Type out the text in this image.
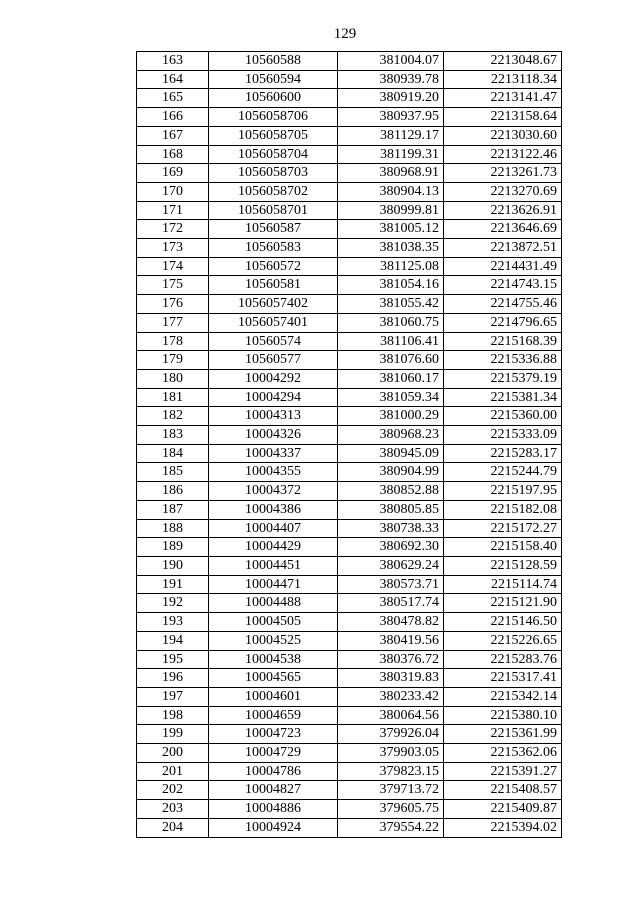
129
163	10560588	381004.07	2213048.67
164	10560594	380939.78	2213118.34
165	10560600	380919.20	2213141.47
166	1056058706	380937.95	2213158.64
167	1056058705	381129.17	2213030.60
168	1056058704	381199.31	2213122.46
169	1056058703	380968.91	2213261.73
170	1056058702	380904.13	2213270.69
171	1056058701	380999.81	2213626.91
172	10560587	381005.12	2213646.69
173	10560583	381038.35	2213872.51
174	10560572	381125.08	2214431.49
175	10560581	381054.16	2214743.15
176	1056057402	381055.42	2214755.46
177	1056057401	381060.75	2214796.65
178	10560574	381106.41	2215168.39
179	10560577	381076.60	2215336.88
180	10004292	381060.17	2215379.19
181	10004294	381059.34	2215381.34
182	10004313	381000.29	2215360.00
183	10004326	380968.23	2215333.09
184	10004337	380945.09	2215283.17
185	10004355	380904.99	2215244.79
186	10004372	380852.88	2215197.95
187	10004386	380805.85	2215182.08
188	10004407	380738.33	2215172.27
189	10004429	380692.30	2215158.40
190	10004451	380629.24	2215128.59
191	10004471	380573.71	2215114.74
192	10004488	380517.74	2215121.90
193	10004505	380478.82	2215146.50
194	10004525	380419.56	2215226.65
195	10004538	380376.72	2215283.76
196	10004565	380319.83	2215317.41
197	10004601	380233.42	2215342.14
198	10004659	380064.56	2215380.10
199	10004723	379926.04	2215361.99
200	10004729	379903.05	2215362.06
201	10004786	379823.15	2215391.27
202	10004827	379713.72	2215408.57
203	10004886	379605.75	2215409.87
204	10004924	379554.22	2215394.02
